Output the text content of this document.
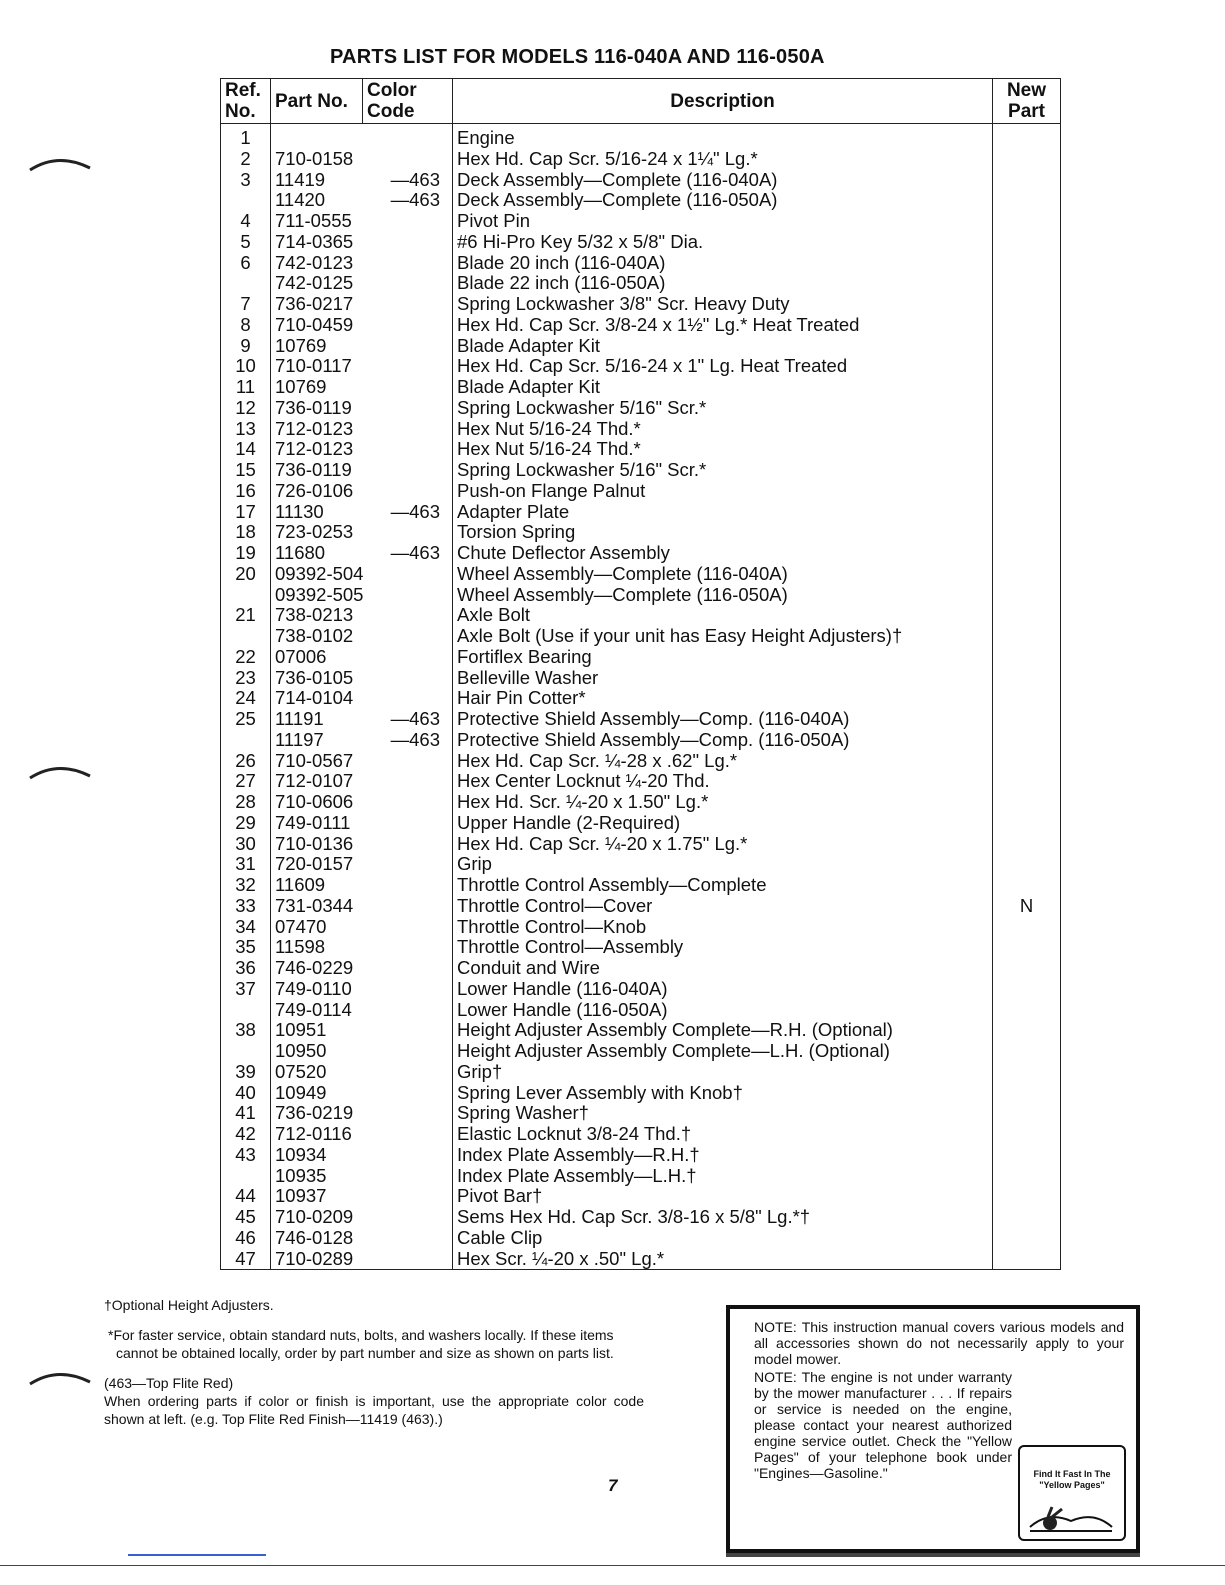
PARTS LIST FOR MODELS 116-040A AND 116-050A
Ref. No.	Part No.	Color Code	Description	New Part
1			Engine	
2	710-0158		Hex Hd. Cap Scr. 5/16-24 x 1¼" Lg.*	
3	11419	—463	Deck Assembly—Complete (116-040A)	
	11420	—463	Deck Assembly—Complete (116-050A)	
4	711-0555		Pivot Pin	
5	714-0365		#6 Hi-Pro Key 5/32 x 5/8" Dia.	
6	742-0123		Blade 20 inch (116-040A)	
	742-0125		Blade 22 inch (116-050A)	
7	736-0217		Spring Lockwasher 3/8" Scr. Heavy Duty	
8	710-0459		Hex Hd. Cap Scr. 3/8-24 x 1½" Lg.* Heat Treated	
9	10769		Blade Adapter Kit	
10	710-0117		Hex Hd. Cap Scr. 5/16-24 x 1" Lg. Heat Treated	
11	10769		Blade Adapter Kit	
12	736-0119		Spring Lockwasher 5/16" Scr.*	
13	712-0123		Hex Nut 5/16-24 Thd.*	
14	712-0123		Hex Nut 5/16-24 Thd.*	
15	736-0119		Spring Lockwasher 5/16" Scr.*	
16	726-0106		Push-on Flange Palnut	
17	11130	—463	Adapter Plate	
18	723-0253		Torsion Spring	
19	11680	—463	Chute Deflector Assembly	
20	09392-504		Wheel Assembly—Complete (116-040A)	
	09392-505		Wheel Assembly—Complete (116-050A)	
21	738-0213		Axle Bolt	
	738-0102		Axle Bolt (Use if your unit has Easy Height Adjusters)†	
22	07006		Fortiflex Bearing	
23	736-0105		Belleville Washer	
24	714-0104		Hair Pin Cotter*	
25	11191	—463	Protective Shield Assembly—Comp. (116-040A)	
	11197	—463	Protective Shield Assembly—Comp. (116-050A)	
26	710-0567		Hex Hd. Cap Scr. ¼-28 x .62" Lg.*	
27	712-0107		Hex Center Locknut ¼-20 Thd.	
28	710-0606		Hex Hd. Scr. ¼-20 x 1.50" Lg.*	
29	749-0111		Upper Handle (2-Required)	
30	710-0136		Hex Hd. Cap Scr. ¼-20 x 1.75" Lg.*	
31	720-0157		Grip	
32	11609		Throttle Control Assembly—Complete	
33	731-0344		Throttle Control—Cover	N
34	07470		Throttle Control—Knob	
35	11598		Throttle Control—Assembly	
36	746-0229		Conduit and Wire	
37	749-0110		Lower Handle (116-040A)	
	749-0114		Lower Handle (116-050A)	
38	10951		Height Adjuster Assembly Complete—R.H. (Optional)	
	10950		Height Adjuster Assembly Complete—L.H. (Optional)	
39	07520		Grip†	
40	10949		Spring Lever Assembly with Knob†	
41	736-0219		Spring Washer†	
42	712-0116		Elastic Locknut 3/8-24 Thd.†	
43	10934		Index Plate Assembly—R.H.†	
	10935		Index Plate Assembly—L.H.†	
44	10937		Pivot Bar†	
45	710-0209		Sems Hex Hd. Cap Scr. 3/8-16 x 5/8" Lg.*†	
46	746-0128		Cable Clip	
47	710-0289		Hex Scr. ¼-20 x .50" Lg.*	

†Optional Height Adjusters.

*For faster service, obtain standard nuts, bolts, and washers locally. If these items cannot be obtained locally, order by part number and size as shown on parts list.

(463—Top Flite Red)

When ordering parts if color or finish is important, use the appropriate color code shown at left. (e.g. Top Flite Red Finish—11419 (463).)

7

NOTE: This instruction manual covers various models and all accessories shown do not necessarily apply to your model mower.

NOTE: The engine is not under warranty by the mower manufacturer . . . If repairs or service is needed on the engine, please contact your nearest authorized engine service outlet. Check the "Yellow Pages" of your telephone book under "Engines—Gasoline."	Find It Fast In The "Yellow Pages"
